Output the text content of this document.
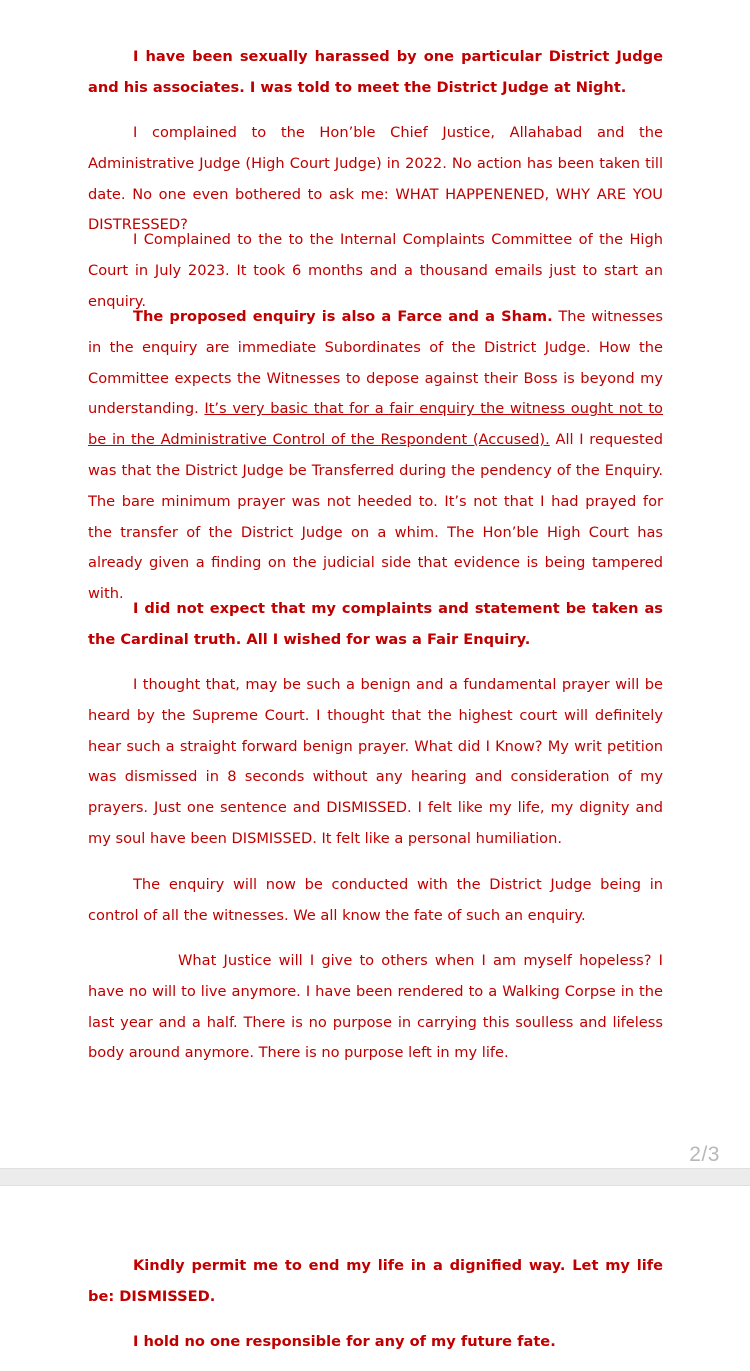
I have been sexually harassed by one particular District Judge and his associates. I was told to meet the District Judge at Night.

I complained to the Hon’ble Chief Justice, Allahabad and the Administrative Judge (High Court Judge) in 2022. No action has been taken till date. No one even bothered to ask me: WHAT HAPPENENED, WHY ARE YOU DISTRESSED?

I Complained to the to the Internal Complaints Committee of the High Court in July 2023. It took 6 months and a thousand emails just to start an enquiry.

The proposed enquiry is also a Farce and a Sham. The witnesses in the enquiry are immediate Subordinates of the District Judge. How the Committee expects the Witnesses to depose against their Boss is beyond my understanding. It’s very basic that for a fair enquiry the witness ought not to be in the Administrative Control of the Respondent (Accused). All I requested was that the District Judge be Transferred during the pendency of the Enquiry. The bare minimum prayer was not heeded to. It’s not that I had prayed for the transfer of the District Judge on a whim. The Hon’ble High Court has already given a finding on the judicial side that evidence is being tampered with.

I did not expect that my complaints and statement be taken as the Cardinal truth. All I wished for was a Fair Enquiry.

I thought that, may be such a benign and a fundamental prayer will be heard by the Supreme Court. I thought that the highest court will definitely hear such a straight forward benign prayer. What did I Know? My writ petition was dismissed in 8 seconds without any hearing and consideration of my prayers. Just one sentence and DISMISSED. I felt like my life, my dignity and my soul have been DISMISSED. It felt like a personal humiliation.

The enquiry will now be conducted with the District Judge being in control of all the witnesses. We all know the fate of such an enquiry.

What Justice will I give to others when I am myself hopeless? I have no will to live anymore. I have been rendered to a Walking Corpse in the last year and a half. There is no purpose in carrying this soulless and lifeless body around anymore. There is no purpose left in my life.

2/3

Kindly permit me to end my life in a dignified way. Let my life be: DISMISSED.

I hold no one responsible for any of my future fate.
